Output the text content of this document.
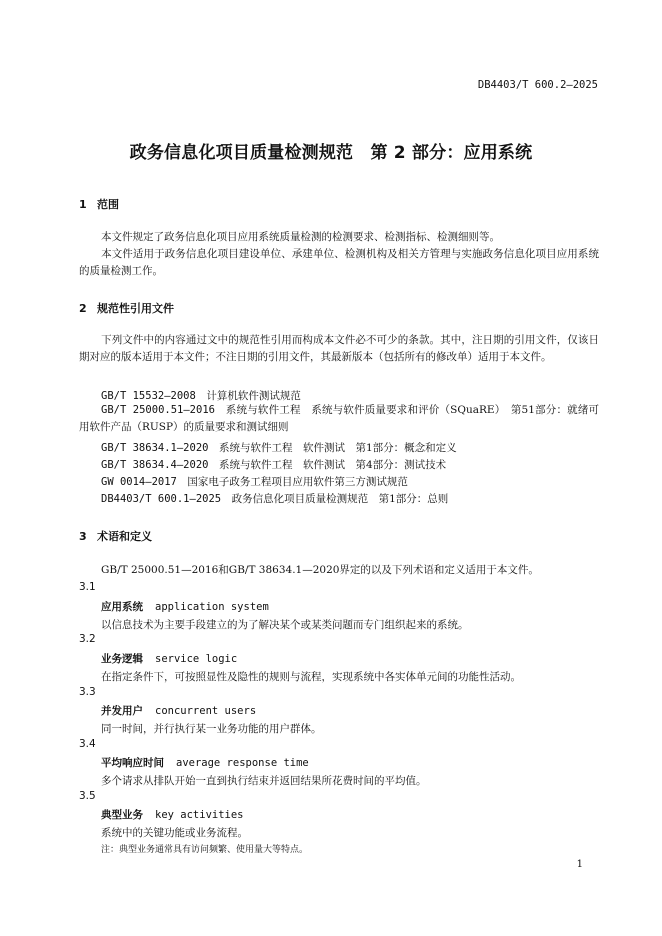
DB4403/T 600.2—2025
政务信息化项目质量检测规范　第 2 部分：应用系统
1 范围
本文件规定了政务信息化项目应用系统质量检测的检测要求、检测指标、检测细则等。
本文件适用于政务信息化项目建设单位、承建单位、检测机构及相关方管理与实施政务信息化项目应用系统的质量检测工作。
2 规范性引用文件
下列文件中的内容通过文中的规范性引用而构成本文件必不可少的条款。其中，注日期的引用文件，仅该日期对应的版本适用于本文件；不注日期的引用文件，其最新版本（包括所有的修改单）适用于本文件。
GB/T 15532—2008　 计算机软件测试规范
GB/T 25000.51—2016　 系统与软件工程　系统与软件质量要求和评价（SQuaRE）　第51部分：就绪可用软件产品（RUSP）的质量要求和测试细则
GB/T 38634.1—2020　 系统与软件工程　软件测试　第1部分：概念和定义
GB/T 38634.4—2020　 系统与软件工程　软件测试　第4部分：测试技术
GW 0014—2017　 国家电子政务工程项目应用软件第三方测试规范
DB4403/T 600.1—2025　 政务信息化项目质量检测规范　第1部分：总则
3 术语和定义
GB/T 25000.51—2016和GB/T 38634.1—2020界定的以及下列术语和定义适用于本文件。
3.1
应用系统 application system
以信息技术为主要手段建立的为了解决某个或某类问题而专门组织起来的系统。
3.2
业务逻辑 service logic
在指定条件下，可按照显性及隐性的规则与流程，实现系统中各实体单元间的功能性活动。
3.3
并发用户 concurrent users
同一时间，并行执行某一业务功能的用户群体。
3.4
平均响应时间 average response time
多个请求从排队开始一直到执行结束并返回结果所花费时间的平均值。
3.5
典型业务 key activities
系统中的关键功能或业务流程。
注：典型业务通常具有访问频繁、使用量大等特点。
1
